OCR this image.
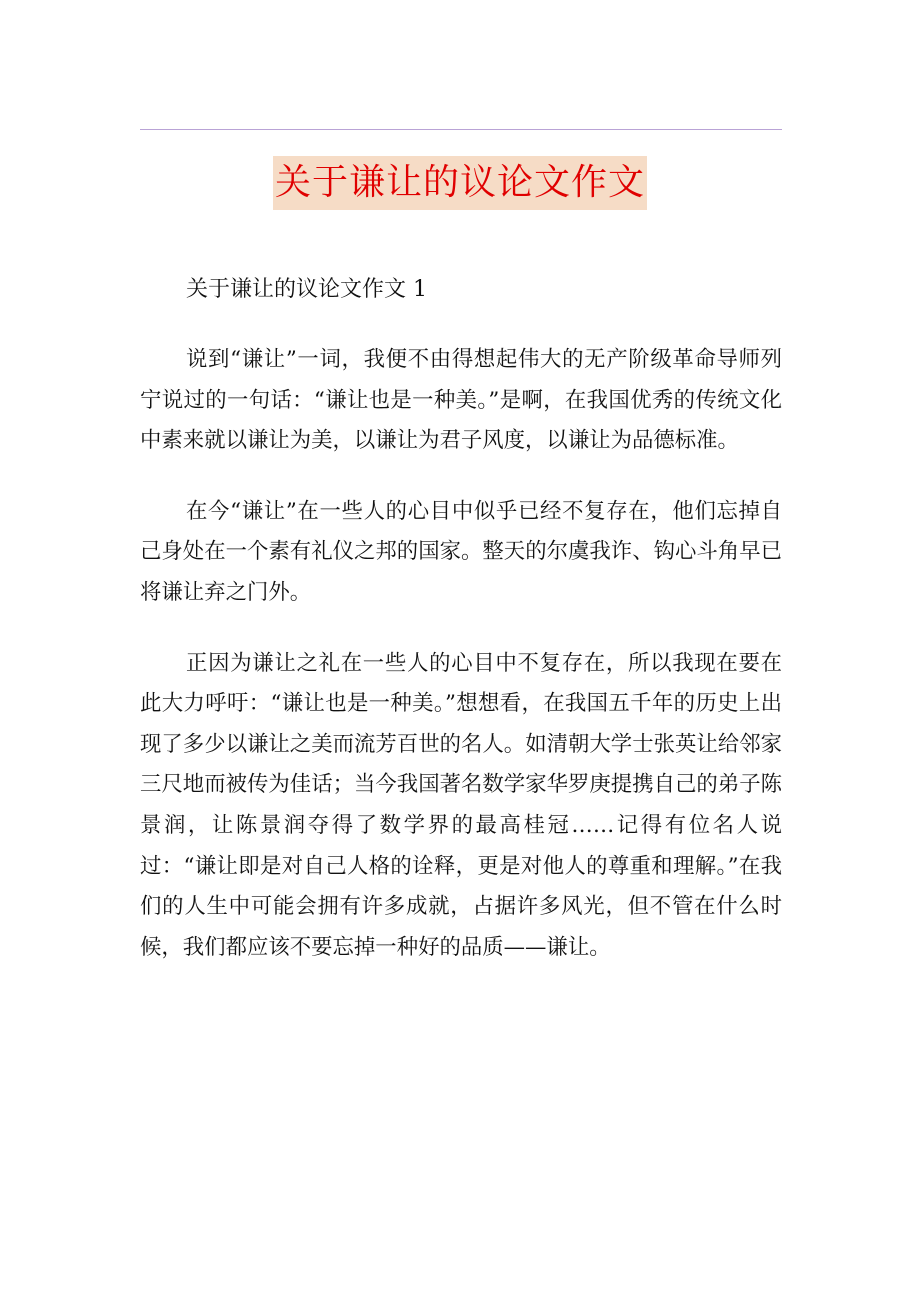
关于谦让的议论文作文

关于谦让的议论文作文 1

说到“谦让”一词，我便不由得想起伟大的无产阶级革命导师列宁说过的一句话：“谦让也是一种美。”是啊，在我国优秀的传统文化中素来就以谦让为美，以谦让为君子风度，以谦让为品德标准。

在今“谦让”在一些人的心目中似乎已经不复存在，他们忘掉自己身处在一个素有礼仪之邦的国家。整天的尔虞我诈、钩心斗角早已将谦让弃之门外。

正因为谦让之礼在一些人的心目中不复存在，所以我现在要在此大力呼吁：“谦让也是一种美。”想想看，在我国五千年的历史上出现了多少以谦让之美而流芳百世的名人。如清朝大学士张英让给邻家三尺地而被传为佳话；当今我国著名数学家华罗庚提携自己的弟子陈景润，让陈景润夺得了数学界的最高桂冠……记得有位名人说过：“谦让即是对自己人格的诠释，更是对他人的尊重和理解。”在我们的人生中可能会拥有许多成就，占据许多风光，但不管在什么时候，我们都应该不要忘掉一种好的品质——谦让。
